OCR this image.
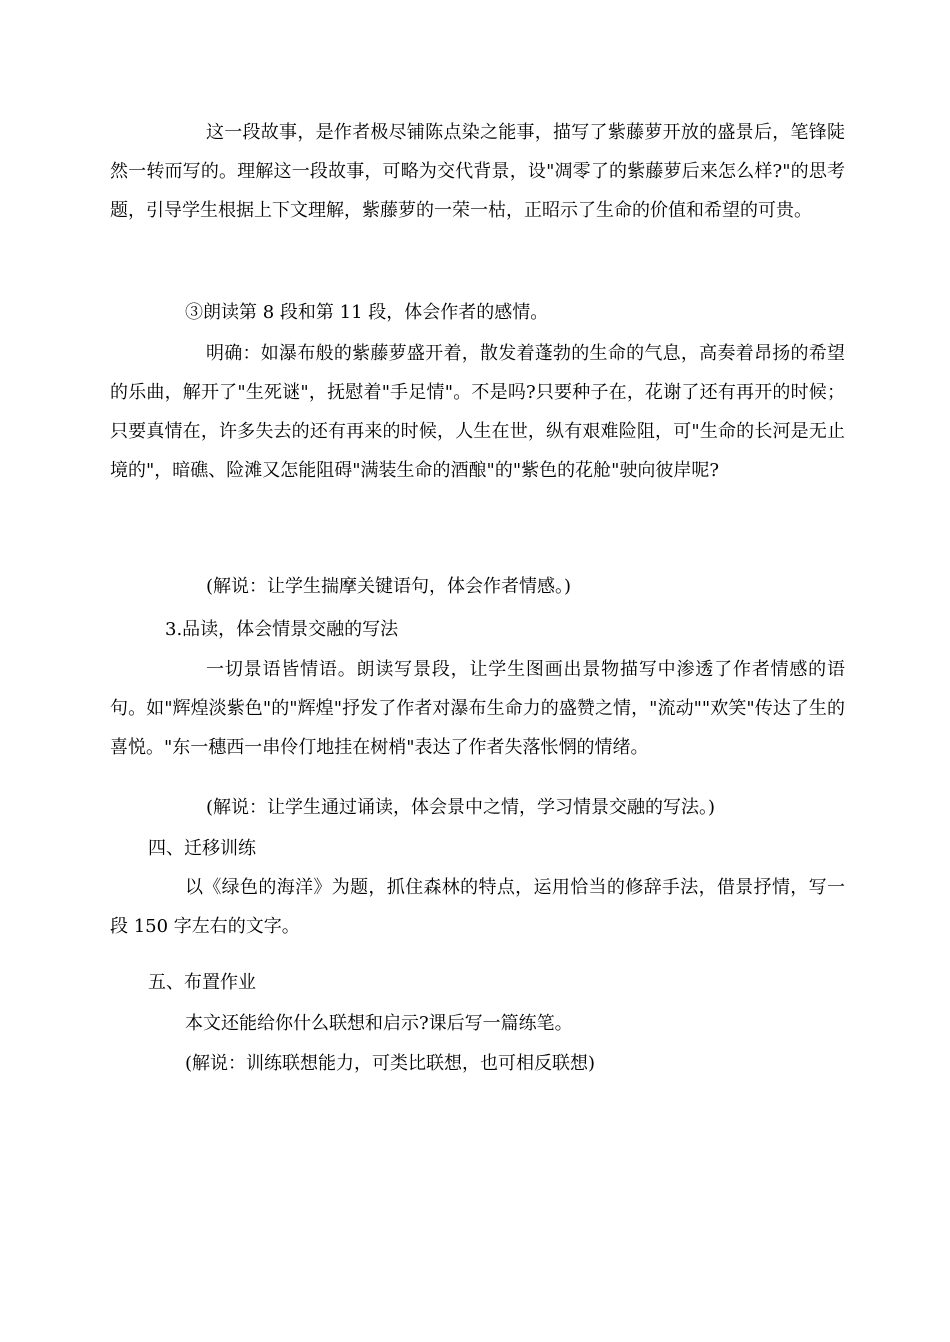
这一段故事，是作者极尽铺陈点染之能事，描写了紫藤萝开放的盛景后，笔锋陡然一转而写的。理解这一段故事，可略为交代背景，设"凋零了的紫藤萝后来怎么样?"的思考题，引导学生根据上下文理解，紫藤萝的一荣一枯，正昭示了生命的价值和希望的可贵。

③朗读第 8 段和第 11 段，体会作者的感情。

明确：如瀑布般的紫藤萝盛开着，散发着蓬勃的生命的气息，高奏着昂扬的希望的乐曲，解开了"生死谜"，抚慰着"手足情"。不是吗?只要种子在，花谢了还有再开的时候；只要真情在，许多失去的还有再来的时候，人生在世，纵有艰难险阻，可"生命的长河是无止境的"，暗礁、险滩又怎能阻碍"满装生命的酒酿"的"紫色的花舱"驶向彼岸呢?

(解说：让学生揣摩关键语句，体会作者情感。)

3.品读，体会情景交融的写法

一切景语皆情语。朗读写景段，让学生图画出景物描写中渗透了作者情感的语句。如"辉煌淡紫色"的"辉煌"抒发了作者对瀑布生命力的盛赞之情，"流动""欢笑"传达了生的喜悦。"东一穗西一串伶仃地挂在树梢"表达了作者失落怅惘的情绪。

(解说：让学生通过诵读，体会景中之情，学习情景交融的写法。)

四、迁移训练

以《绿色的海洋》为题，抓住森林的特点，运用恰当的修辞手法，借景抒情，写一段 150 字左右的文字。

五、布置作业

本文还能给你什么联想和启示?课后写一篇练笔。

(解说：训练联想能力，可类比联想，也可相反联想)
